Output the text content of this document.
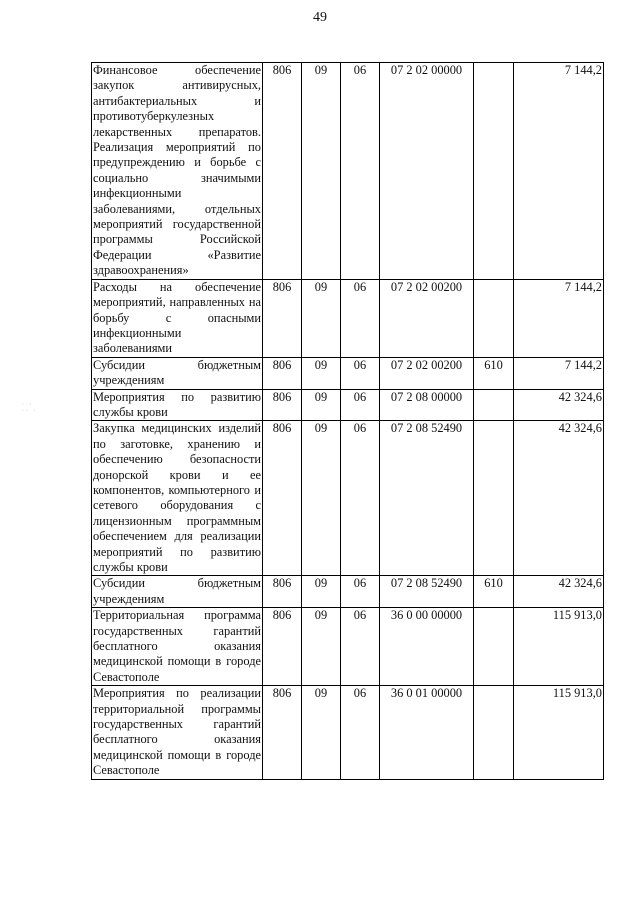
49
· ·
·· ·
Финансовое обеспечение закупок антивирусных, антибактериальных и противотуберкулезных лекарственных препаратов. Реализация мероприятий по предупреждению и борьбе с социально значимыми инфекционными заболеваниями, отдельных мероприятий государственной программы Российской Федерации «Развитие здравоохранения»	806	09	06	07 2 02 00000		7 144,2
Расходы на обеспечение мероприятий, направленных на борьбу с опасными инфекционными заболеваниями	806	09	06	07 2 02 00200		7 144,2
Субсидии бюджетным учреждениям	806	09	06	07 2 02 00200	610	7 144,2
Мероприятия по развитию службы крови	806	09	06	07 2 08 00000		42 324,6
Закупка медицинских изделий по заготовке, хранению и обеспечению безопасности донорской крови и ее компонентов, компьютерного и сетевого оборудования с лицензионным программным обеспечением для реализации мероприятий по развитию службы крови	806	09	06	07 2 08 52490		42 324,6
Субсидии бюджетным учреждениям	806	09	06	07 2 08 52490	610	42 324,6
Территориальная программа государственных гарантий бесплатного оказания медицинской помощи в городе Севастополе	806	09	06	36 0 00 00000		115 913,0
Мероприятия по реализации территориальной программы государственных гарантий бесплатного оказания медицинской помощи в городе Севастополе	806	09	06	36 0 01 00000		115 913,0
